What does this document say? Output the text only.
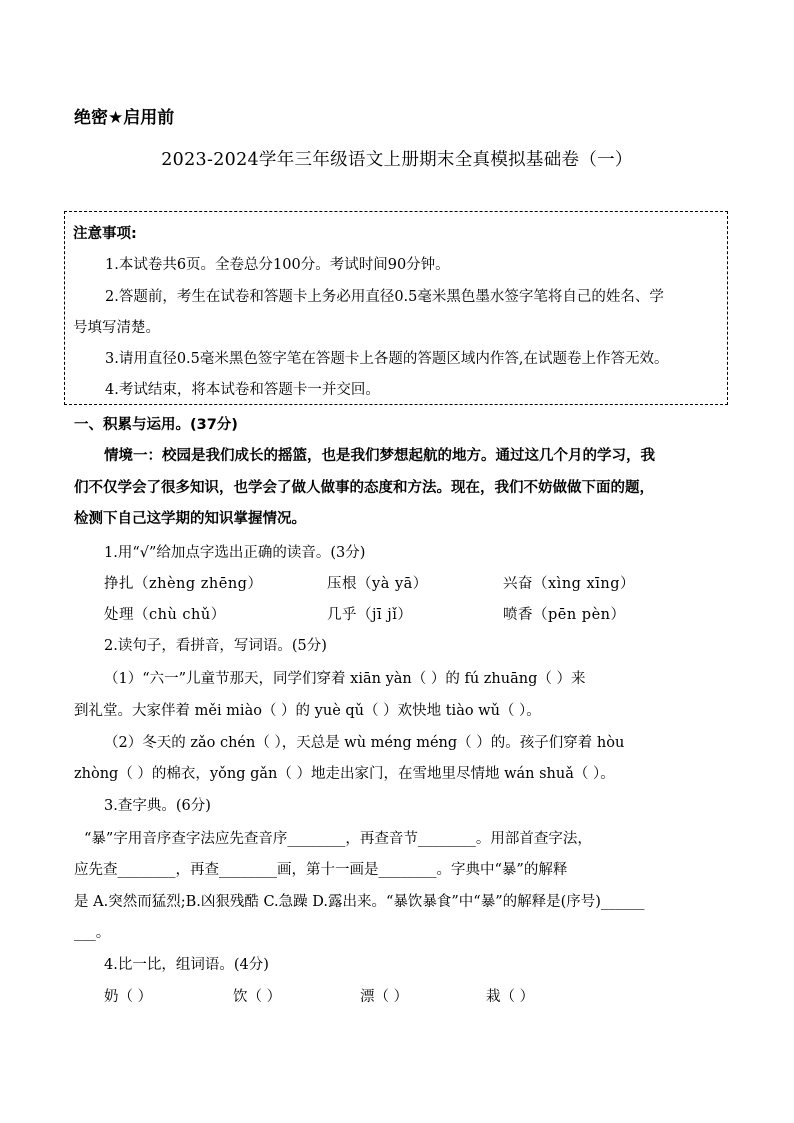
绝密★启用前
2023-2024学年三年级语文上册期末全真模拟基础卷（一）
注意事项:
1.本试卷共6页。全卷总分100分。考试时间90分钟。
2.答题前，考生在试卷和答题卡上务必用直径0.5毫米黑色墨水签字笔将自己的姓名、学
号填写清楚。
3.请用直径0.5毫米黑色签字笔在答题卡上各题的答题区域内作答,在试题卷上作答无效。
4.考试结束，将本试卷和答题卡一并交回。
一、积累与运用。(37分)
情境一：校园是我们成长的摇篮，也是我们梦想起航的地方。通过这几个月的学习，我
们不仅学会了很多知识，也学会了做人做事的态度和方法。现在，我们不妨做做下面的题，
检测下自己这学期的知识掌握情况。
1.用“√”给加点字选出正确的读音。(3分)
挣扎（zhèng zhēng）	压根（yà yā）	兴奋（xìng xīng）
处理（chù chǔ）	几乎（jī jǐ）	喷香（pēn pèn）
2.读句子，看拼音，写词语。(5分)
（1）“六一”儿童节那天，同学们穿着 xiān yàn（ ）的 fú zhuāng（ ）来
到礼堂。大家伴着 měi miào（ ）的 yuè qǔ（ ）欢快地 tiào wǔ（ ）。
（2）冬天的 zǎo chén（ ），天总是 wù méng méng（ ）的。孩子们穿着 hòu
zhòng（ ）的棉衣，yǒng gǎn（ ）地走出家门，在雪地里尽情地 wán shuǎ（ ）。
3.查字典。(6分)
“暴”字用音序查字法应先查音序________，再查音节________。用部首查字法，
应先查________，再查________画，第十一画是________。字典中“暴”的解释
是 A.突然而猛烈;B.凶狠残酷 C.急躁 D.露出来。“暴饮暴食”中“暴”的解释是(序号)______
___。
4.比一比，组词语。(4分)
奶（ ）	饮（ ）	漂（ ）	栽（ ）
